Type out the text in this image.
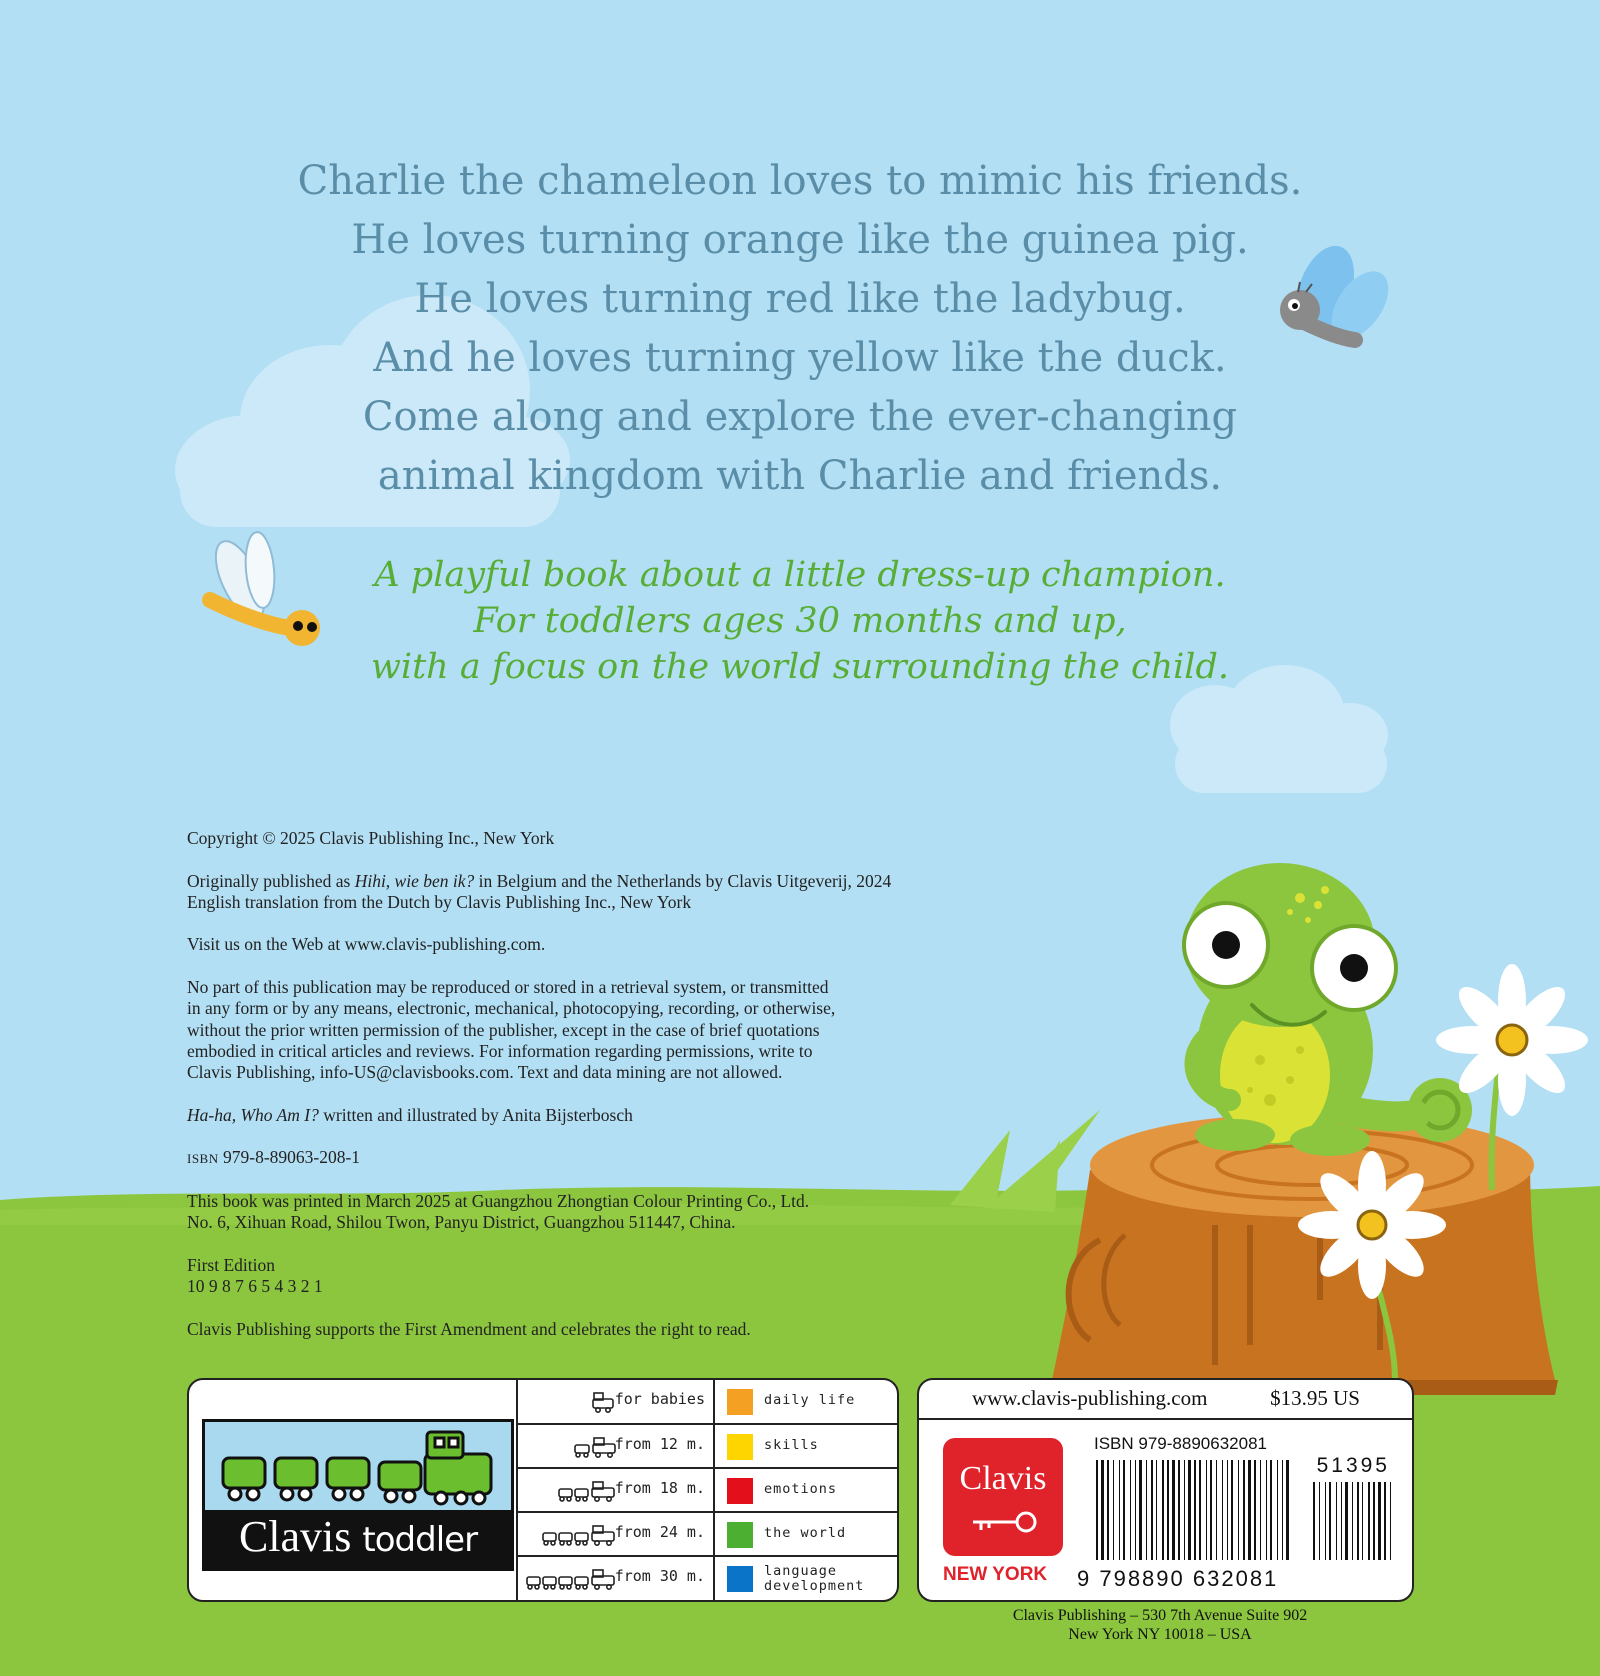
Charlie the chameleon loves to mimic his friends.
He loves turning orange like the guinea pig.
He loves turning red like the ladybug.
And he loves turning yellow like the duck.
Come along and explore the ever-changing
animal kingdom with Charlie and friends.
A playful book about a little dress-up champion.
For toddlers ages 30 months and up,
with a focus on the world surrounding the child.

Copyright © 2025 Clavis Publishing Inc., New York

Originally published as Hihi, wie ben ik? in Belgium and the Netherlands by Clavis Uitgeverij, 2024
English translation from the Dutch by Clavis Publishing Inc., New York

Visit us on the Web at www.clavis-publishing.com.

No part of this publication may be reproduced or stored in a retrieval system, or transmitted
in any form or by any means, electronic, mechanical, photocopying, recording, or otherwise,
without the prior written permission of the publisher, except in the case of brief quotations
embodied in critical articles and reviews. For information regarding permissions, write to
Clavis Publishing, info-US@clavisbooks.com. Text and data mining are not allowed.

Ha-ha, Who Am I? written and illustrated by Anita Bijsterbosch

ISBN 979-8-89063-208-1

This book was printed in March 2025 at Guangzhou Zhongtian Colour Printing Co., Ltd.
No. 6, Xihuan Road, Shilou Twon, Panyu District, Guangzhou 511447, China.

First Edition
10 9 8 7 6 5 4 3 2 1

Clavis Publishing supports the First Amendment and celebrates the right to read.

Clavis toddler
for babies	daily life
from 12 m.	skills
from 18 m.	emotions
from 24 m.	the world
from 30 m.	language
development
www.clavis-publishing.com	$13.95 US
Clavis
NEW YORK
ISBN 979-8890632081
51395
9 798890 632081
Clavis Publishing – 530 7th Avenue Suite 902
New York NY 10018 – USA
